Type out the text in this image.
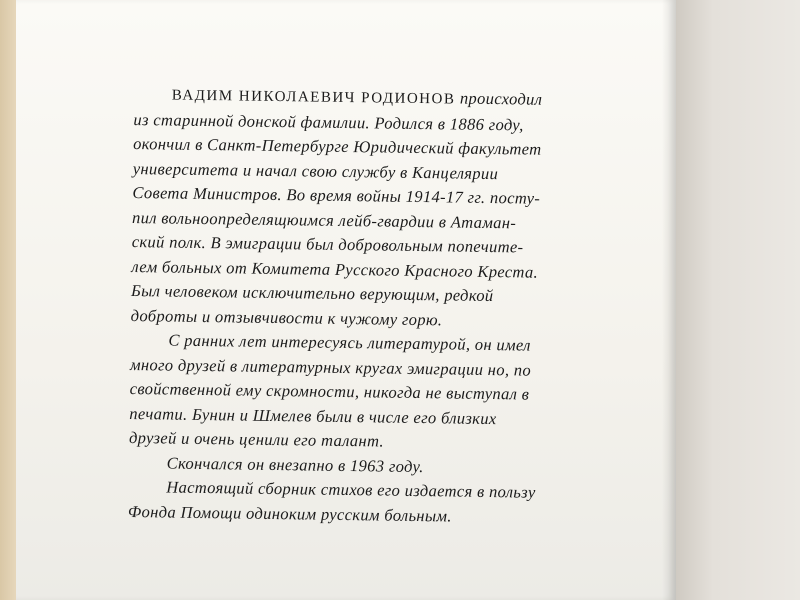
ВАДИМ НИКОЛАЕВИЧ РОДИОНОВ происходил
из старинной донской фамилии. Родился в 1886 году,
окончил в Санкт-Петербурге Юридический факультет
университета и начал свою службу в Канцелярии
Совета Министров. Во время войны 1914-17 гг. посту-
пил вольноопределящюимся лейб-гвардии в Атаман-
ский полк. В эмиграции был добровольным попечите-
лем больных от Комитета Русского Красного Креста.
Был человеком исключительно верующим, редкой
доброты и отзывчивости к чужому горю.
С ранних лет интересуясь литературой, он имел
много друзей в литературных кругах эмиграции но, по
свойственной ему скромности, никогда не выступал в
печати. Бунин и Шмелев были в числе его близких
друзей и очень ценили его талант.
Скончался он внезапно в 1963 году.
Настоящий сборник стихов его издается в пользу
Фонда Помощи одиноким русским больным.
